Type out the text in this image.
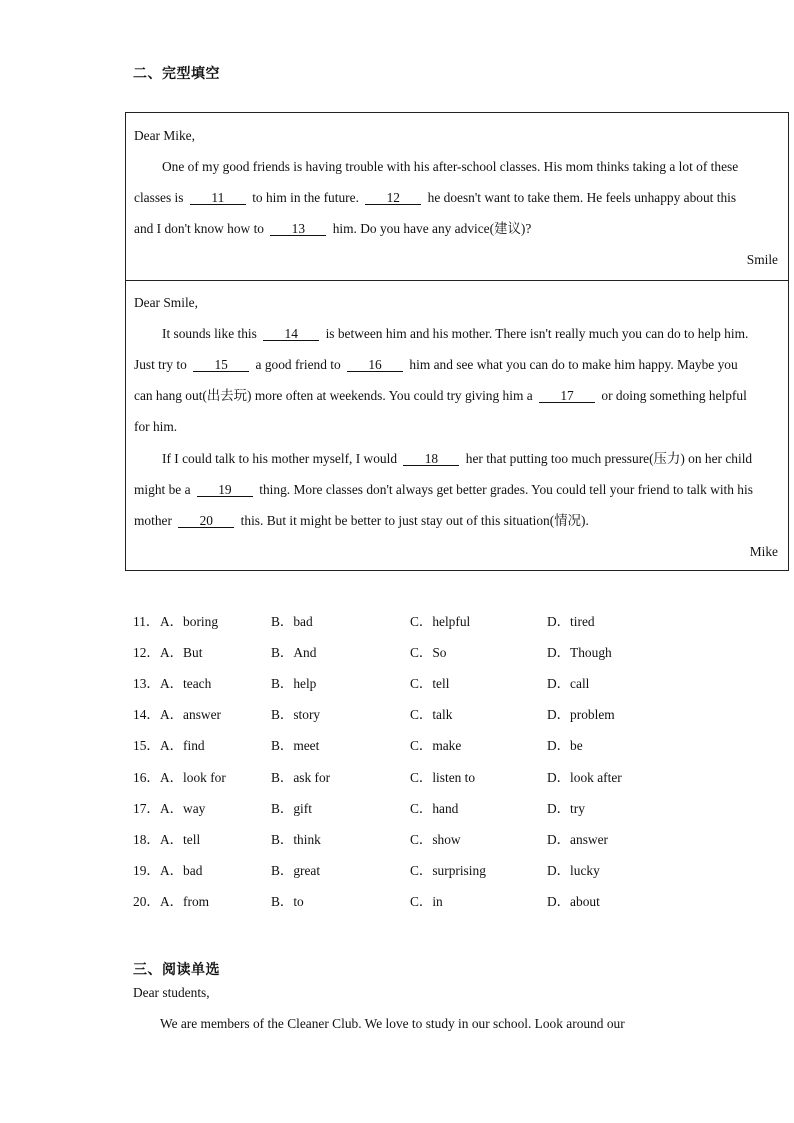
二、完型填空
Dear Mike,
One of my good friends is having trouble with his after-school classes. His mom thinks taking a lot of these
classes is 11 to him in the future. 12 he doesn't want to take them. He feels unhappy about this
and I don't know how to 13 him. Do you have any advice(建议)?
Smile
Dear Smile,
It sounds like this 14 is between him and his mother. There isn't really much you can do to help him.
Just try to 15 a good friend to 16 him and see what you can do to make him happy. Maybe you
can hang out(出去玩) more often at weekends. You could try giving him a 17 or doing something helpful
for him.
If I could talk to his mother myself, I would 18 her that putting too much pressure(压力) on her child
might be a 19 thing. More classes don't always get better grades. You could tell your friend to talk with his
mother 20 this. But it might be better to just stay out of this situation(情况).
Mike
11． A．boring	B．bad	C．helpful	D．tired
12． A．But	B．And	C．So	D．Though
13． A．teach	B．help	C．tell	D．call
14． A．answer	B．story	C．talk	D．problem
15． A．find	B．meet	C．make	D．be
16． A．look for	B．ask for	C．listen to	D．look after
17． A．way	B．gift	C．hand	D．try
18． A．tell	B．think	C．show	D．answer
19． A．bad	B．great	C．surprising	D．lucky
20． A．from	B．to	C．in	D．about
三、阅读单选
Dear students,
We are members of the Cleaner Club. We love to study in our school. Look around our
